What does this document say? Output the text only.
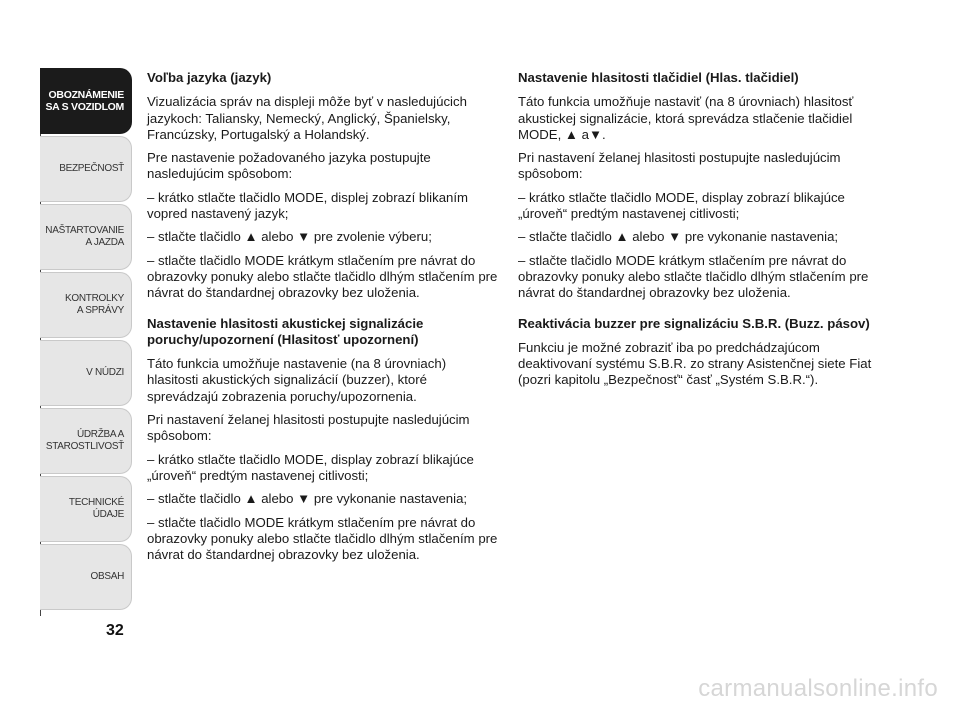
OBOZNÁMENIE
SA S VOZIDLOM
BEZPEČNOSŤ
NAŠTARTOVANIE
A JAZDA
KONTROLKY
A SPRÁVY
V NÚDZI
ÚDRŽBA A
STAROSTLIVOSŤ
TECHNICKÉ
ÚDAJE
OBSAH
32
Voľba jazyka (jazyk)

Vizualizácia správ na displeji môže byť v nasledujúcich jazykoch: Taliansky, Nemecký, Anglický, Španielsky, Francúzsky, Portugalský a Holandský.

Pre nastavenie požadovaného jazyka postupujte nasledujúcim spôsobom:

– krátko stlačte tlačidlo MODE, displej zobrazí blikaním vopred nastavený jazyk;

– stlačte tlačidlo ▲ alebo ▼ pre zvolenie výberu;

– stlačte tlačidlo MODE krátkym stlačením pre návrat do obrazovky ponuky alebo stlačte tlačidlo dlhým stlačením pre návrat do štandardnej obrazovky bez uloženia.

Nastavenie hlasitosti akustickej signalizácie poruchy/upozornení (Hlasitosť upozornení)

Táto funkcia umožňuje nastavenie (na 8 úrovniach) hlasitosti akustických signalizácií (buzzer), ktoré sprevádzajú zobrazenia poruchy/upozornenia.

Pri nastavení želanej hlasitosti postupujte nasledujúcim spôsobom:

– krátko stlačte tlačidlo MODE, display zobrazí blikajúce „úroveň“ predtým nastavenej citlivosti;

– stlačte tlačidlo ▲ alebo ▼ pre vykonanie nastavenia;

– stlačte tlačidlo MODE krátkym stlačením pre návrat do obrazovky ponuky alebo stlačte tlačidlo dlhým stlačením pre návrat do štandardnej obrazovky bez uloženia.

Nastavenie hlasitosti tlačidiel (Hlas. tlačidiel)

Táto funkcia umožňuje nastaviť (na 8 úrovniach) hlasitosť akustickej signalizácie, ktorá sprevádza stlačenie tlačidiel MODE, ▲ a▼.

Pri nastavení želanej hlasitosti postupujte nasledujúcim spôsobom:

– krátko stlačte tlačidlo MODE, display zobrazí blikajúce „úroveň“ predtým nastavenej citlivosti;

– stlačte tlačidlo ▲ alebo ▼ pre vykonanie nastavenia;

– stlačte tlačidlo MODE krátkym stlačením pre návrat do obrazovky ponuky alebo stlačte tlačidlo dlhým stlačením pre návrat do štandardnej obrazovky bez uloženia.

Reaktivácia buzzer pre signalizáciu S.B.R. (Buzz. pásov)

Funkciu je možné zobraziť iba po predchádzajúcom deaktivovaní systému S.B.R. zo strany Asistenčnej siete Fiat (pozri kapitolu „Bezpečnosť“ časť „Systém S.B.R.“).

carmanualsonline.info
